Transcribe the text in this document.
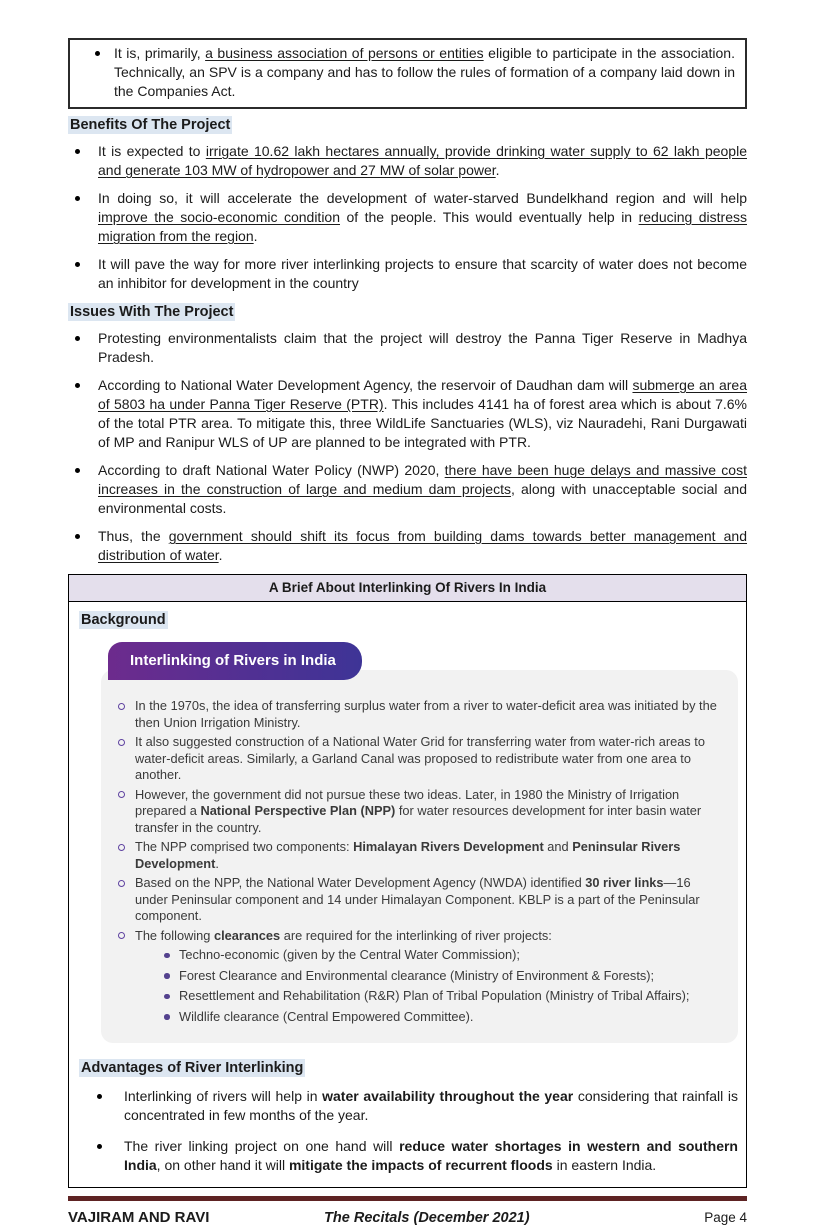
It is, primarily, a business association of persons or entities eligible to participate in the association. Technically, an SPV is a company and has to follow the rules of formation of a company laid down in the Companies Act.
Benefits Of The Project
It is expected to irrigate 10.62 lakh hectares annually, provide drinking water supply to 62 lakh people and generate 103 MW of hydropower and 27 MW of solar power.
In doing so, it will accelerate the development of water-starved Bundelkhand region and will help improve the socio-economic condition of the people. This would eventually help in reducing distress migration from the region.
It will pave the way for more river interlinking projects to ensure that scarcity of water does not become an inhibitor for development in the country
Issues With The Project
Protesting environmentalists claim that the project will destroy the Panna Tiger Reserve in Madhya Pradesh.
According to National Water Development Agency, the reservoir of Daudhan dam will submerge an area of 5803 ha under Panna Tiger Reserve (PTR). This includes 4141 ha of forest area which is about 7.6% of the total PTR area. To mitigate this, three WildLife Sanctuaries (WLS), viz Nauradehi, Rani Durgawati of MP and Ranipur WLS of UP are planned to be integrated with PTR.
According to draft National Water Policy (NWP) 2020, there have been huge delays and massive cost increases in the construction of large and medium dam projects, along with unacceptable social and environmental costs.
Thus, the government should shift its focus from building dams towards better management and distribution of water.
A Brief About Interlinking Of Rivers In India
Background
Interlinking of Rivers in India
In the 1970s, the idea of transferring surplus water from a river to water-deficit area was initiated by the then Union Irrigation Ministry.
It also suggested construction of a National Water Grid for transferring water from water-rich areas to water-deficit areas. Similarly, a Garland Canal was proposed to redistribute water from one area to another.
However, the government did not pursue these two ideas. Later, in 1980 the Ministry of Irrigation prepared a National Perspective Plan (NPP) for water resources development for inter basin water transfer in the country.
The NPP comprised two components: Himalayan Rivers Development and Peninsular Rivers Development.
Based on the NPP, the National Water Development Agency (NWDA) identified 30 river links—16 under Peninsular component and 14 under Himalayan Component. KBLP is a part of the Peninsular component.
The following clearances are required for the interlinking of river projects:
Techno-economic (given by the Central Water Commission);
Forest Clearance and Environmental clearance (Ministry of Environment & Forests);
Resettlement and Rehabilitation (R&R) Plan of Tribal Population (Ministry of Tribal Affairs);
Wildlife clearance (Central Empowered Committee).
Advantages of River Interlinking
Interlinking of rivers will help in water availability throughout the year considering that rainfall is concentrated in few months of the year.
The river linking project on one hand will reduce water shortages in western and southern India, on other hand it will mitigate the impacts of recurrent floods in eastern India.
VAJIRAM AND RAVI	The Recitals (December 2021)	Page 4
